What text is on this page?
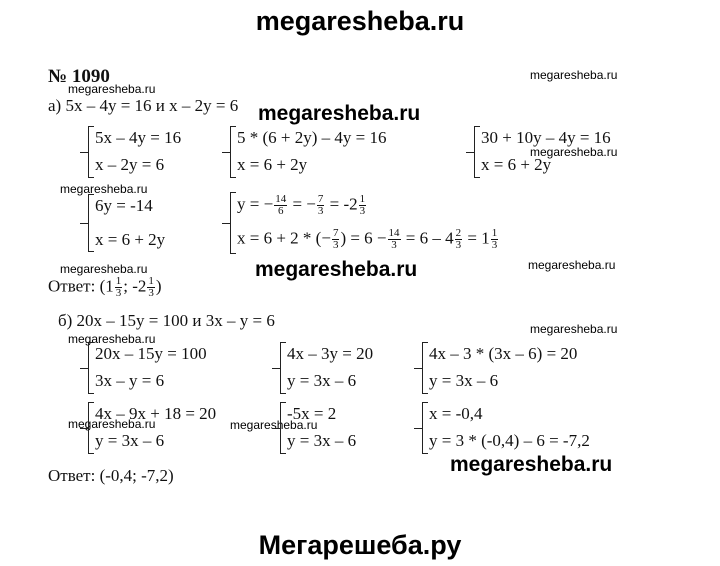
megaresheba.ru
Мегарешеба.ру
megaresheba.ru
megaresheba.ru
megaresheba.ru
megaresheba.ru
megaresheba.ru
megaresheba.ru	megaresheba.ru	megaresheba.ru
megaresheba.ru
megaresheba.ru
megaresheba.ru	megaresheba.ru
megaresheba.ru
№ 1090
а) 5x – 4y = 16 и x – 2y = 6
5x – 4y = 16
x – 2y = 6
5 * (6 + 2y) – 4y = 16
x = 6 + 2y
30 + 10y – 4y = 16
x = 6 + 2y
6y = -14
x = 6 + 2y
y = − $\frac{14}{6}$ = − $\frac{7}{3} = -2 \frac{1}{3}$
x = 6 + 2 * (− $\frac{7}{3}$ ) = $6 - \frac{14}{3} = 6 - 4 \frac{2}{3} = 1 \frac{1}{3}$
Ответ: ($1 \frac{1}{3}$ ; $-2 \frac{1}{3}$ )
б) 20x – 15y = 100 и 3x – y = 6
20x – 15y = 100
3x – y = 6
4x – 3y = 20
y = 3x – 6
4x – 3 * (3x – 6) = 20
y = 3x – 6
4x – 9x + 18 = 20
y = 3x – 6
-5x = 2
y = 3x – 6
x = -0,4
y = 3 * (-0,4) – 6 = -7,2
Ответ: (-0,4; -7,2)
